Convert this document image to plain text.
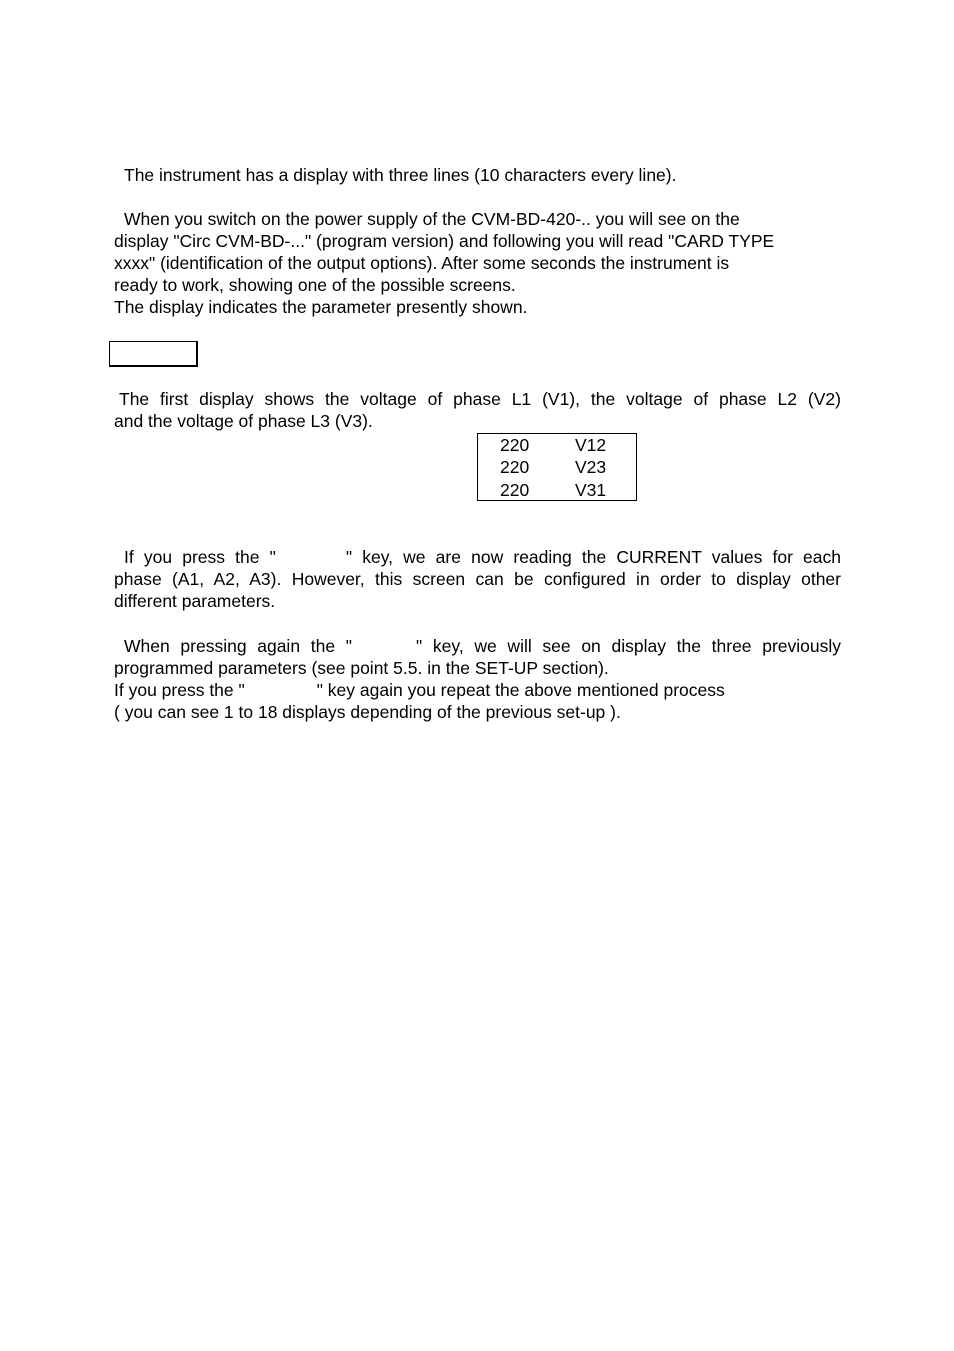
The instrument has a display with three lines (10 characters every line).

When you switch on the power supply of the CVM-BD-420-.. you will see on the
display "Circ CVM-BD-..." (program version) and following you will read "CARD TYPE
xxxx" (identification of the output options). After some seconds the instrument is
ready to work, showing one of the possible screens.
The display indicates the parameter presently shown.

The first display shows the voltage of phase L1 (V1), the voltage of phase L2 (V2)
and the voltage of phase L3 (V3).

220	V12
220	V23
220	V31

If you press the "	" key, we are now reading the CURRENT values for each
phase (A1, A2, A3). However, this screen can be configured in order to display other
different parameters.

When pressing again the "	" key, we will see on display the three previously
programmed parameters (see point 5.5. in the SET-UP section).
If you press the "	" key again you repeat the above mentioned process
( you can see 1 to 18 displays depending of the previous set-up ).
